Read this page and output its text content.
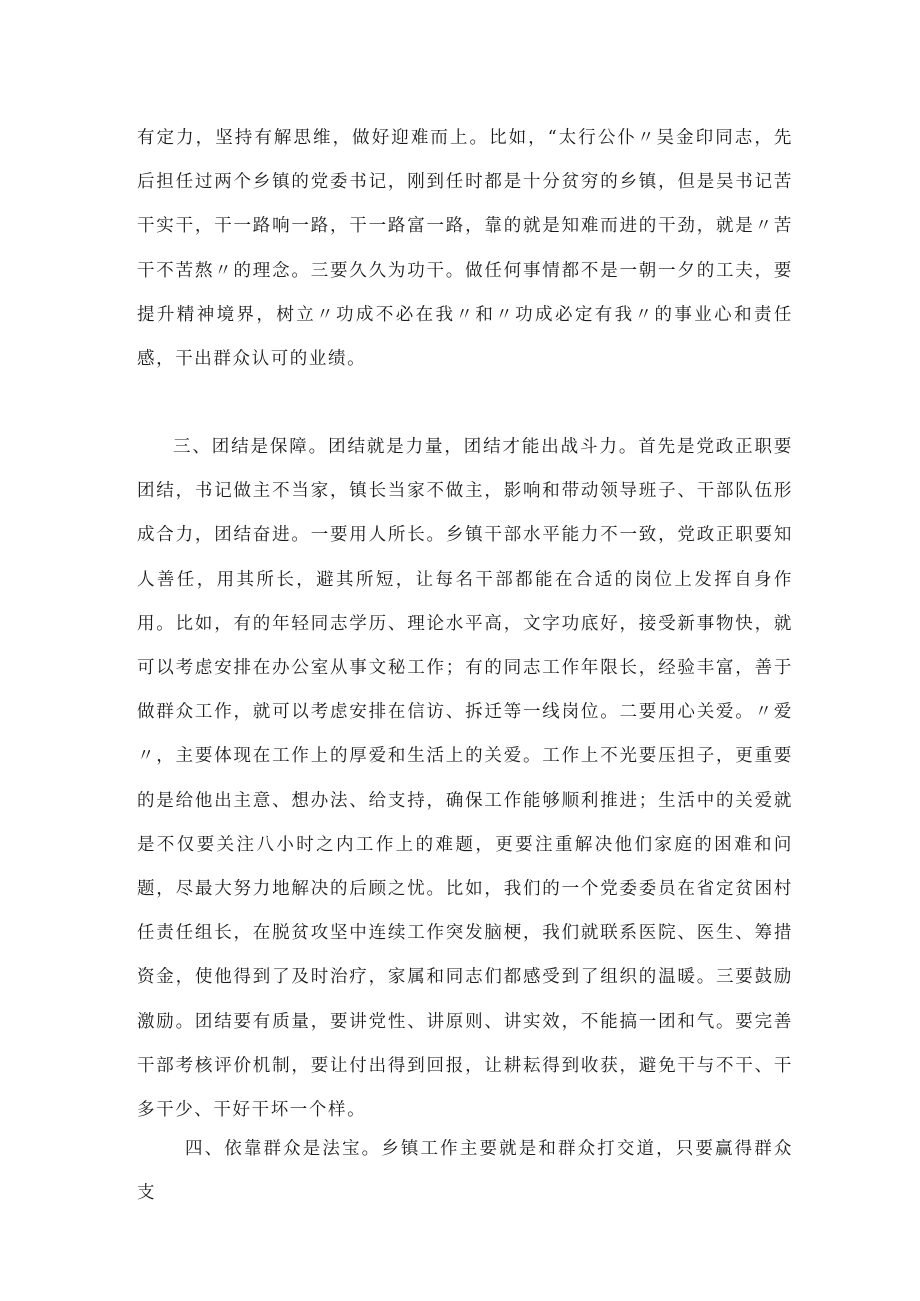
有定力，坚持有解思维，做好迎难而上。比如，“太行公仆〃吴金印同志，先后担任过两个乡镇的党委书记，刚到任时都是十分贫穷的乡镇，但是吴书记苦干实干，干一路响一路，干一路富一路，靠的就是知难而进的干劲，就是〃苦干不苦熬〃的理念。三要久久为功干。做任何事情都不是一朝一夕的工夫，要提升精神境界，树立〃功成不必在我〃和〃功成必定有我〃的事业心和责任感，干出群众认可的业绩。

三、团结是保障。团结就是力量，团结才能出战斗力。首先是党政正职要团结，书记做主不当家，镇长当家不做主，影响和带动领导班子、干部队伍形成合力，团结奋进。一要用人所长。乡镇干部水平能力不一致，党政正职要知人善任，用其所长，避其所短，让每名干部都能在合适的岗位上发挥自身作用。比如，有的年轻同志学历、理论水平高，文字功底好，接受新事物快，就可以考虑安排在办公室从事文秘工作；有的同志工作年限长，经验丰富，善于做群众工作，就可以考虑安排在信访、拆迁等一线岗位。二要用心关爱。〃爱〃，主要体现在工作上的厚爱和生活上的关爱。工作上不光要压担子，更重要的是给他出主意、想办法、给支持，确保工作能够顺利推进；生活中的关爱就是不仅要关注八小时之内工作上的难题，更要注重解决他们家庭的困难和问题，尽最大努力地解决的后顾之忧。比如，我们的一个党委委员在省定贫困村任责任组长，在脱贫攻坚中连续工作突发脑梗，我们就联系医院、医生、筹措资金，使他得到了及时治疗，家属和同志们都感受到了组织的温暖。三要鼓励激励。团结要有质量，要讲党性、讲原则、讲实效，不能搞一团和气。要完善干部考核评价机制，要让付出得到回报，让耕耘得到收获，避免干与不干、干多干少、干好干坏一个样。

四、依靠群众是法宝。乡镇工作主要就是和群众打交道，只要赢得群众支
